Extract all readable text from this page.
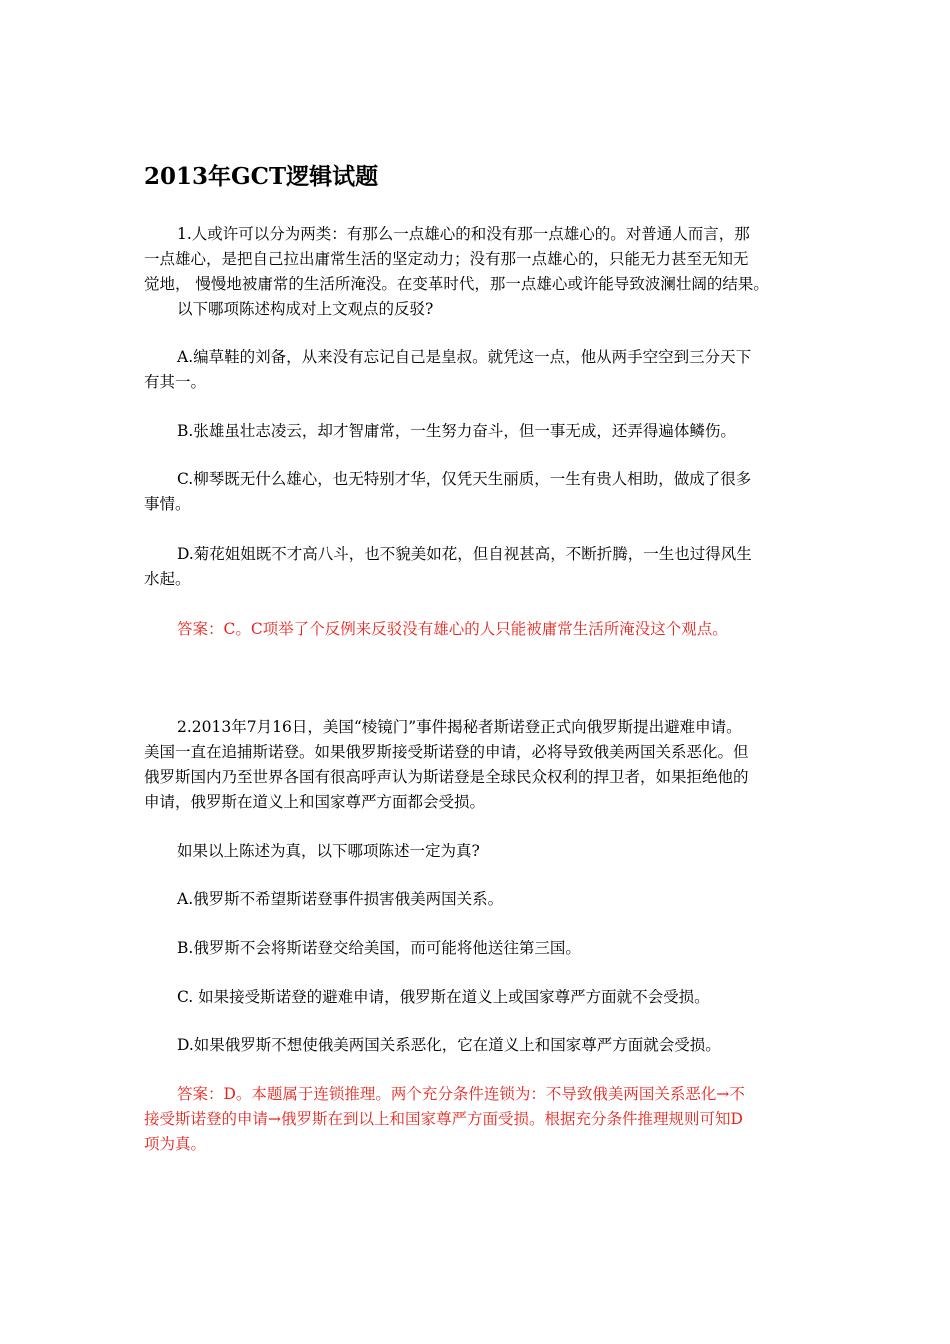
2013年GCT逻辑试题
1.人或许可以分为两类：有那么一点雄心的和没有那一点雄心的。对普通人而言，那
一点雄心，是把自己拉出庸常生活的坚定动力；没有那一点雄心的，只能无力甚至无知无
觉地， 慢慢地被庸常的生活所淹没。在变革时代，那一点雄心或许能导致波澜壮阔的结果。
以下哪项陈述构成对上文观点的反驳?
A.编草鞋的刘备，从来没有忘记自己是皇叔。就凭这一点，他从两手空空到三分天下
有其一。
B.张雄虽壮志凌云，却才智庸常，一生努力奋斗，但一事无成，还弄得遍体鳞伤。
C.柳琴既无什么雄心，也无特别才华，仅凭天生丽质，一生有贵人相助，做成了很多
事情。
D.菊花姐姐既不才高八斗，也不貌美如花，但自视甚高，不断折腾，一生也过得风生
水起。
答案：C。C项举了个反例来反驳没有雄心的人只能被庸常生活所淹没这个观点。
2.2013年7月16日，美国“棱镜门”事件揭秘者斯诺登正式向俄罗斯提出避难申请。
美国一直在追捕斯诺登。如果俄罗斯接受斯诺登的申请，必将导致俄美两国关系恶化。但
俄罗斯国内乃至世界各国有很高呼声认为斯诺登是全球民众权利的捍卫者，如果拒绝他的
申请，俄罗斯在道义上和国家尊严方面都会受损。
如果以上陈述为真，以下哪项陈述一定为真?
A.俄罗斯不希望斯诺登事件损害俄美两国关系。
B.俄罗斯不会将斯诺登交给美国，而可能将他送往第三国。
C. 如果接受斯诺登的避难申请，俄罗斯在道义上或国家尊严方面就不会受损。
D.如果俄罗斯不想使俄美两国关系恶化，它在道义上和国家尊严方面就会受损。
答案：D。本题属于连锁推理。两个充分条件连锁为：不导致俄美两国关系恶化→不
接受斯诺登的申请→俄罗斯在到以上和国家尊严方面受损。根据充分条件推理规则可知D
项为真。
